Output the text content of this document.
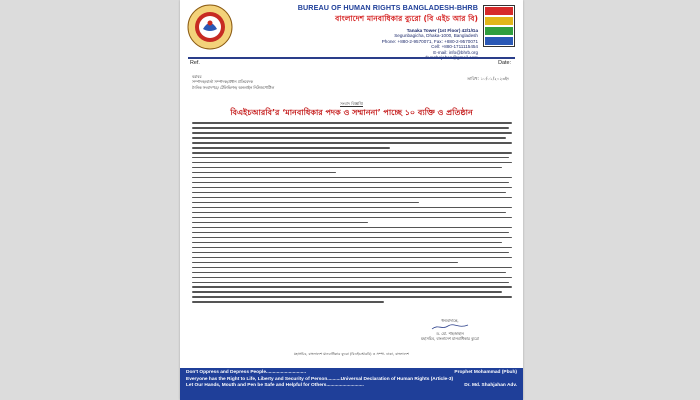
BUREAU OF HUMAN RIGHTS BANGLADESH-BHRB
বাংলাদেশ মানবাধিকার ব্যুরো (বি এইচ আর বি)
Tanaka Tower (1st Floor) 42/1/Ga
Segunbagicha, Dhaka-1000, Bangladesh
Phone: +880-2-9570071, Fax: +880-2-9570071
Cell: +880-1711115454
E-mail: info@bhrb.org
Ref.	Date:
বরাবর
সম্পাদক/বার্তা সম্পাদক/প্রধান প্রতিবেদক
দৈনিক সংবাদপত্র/ টেলিভিশন/ অনলাইন নিউজপোর্টাল
তারিখ: ১০/০১/২০২৩ইং
সংবাদ বিজ্ঞপ্তি
বিএইচআরবি’র ‘মানবাধিকার পদক ও সম্মাননা’ পাচ্ছে ১০ ব্যক্তি ও প্রতিষ্ঠান
ধন্যবাদান্তে,
ড. মো. শাহজাহান
মহাসচিব, বাংলাদেশ মানবাধিকার ব্যুরো
মহাসচিব, বাংলাদেশ মানবাধিকার ব্যুরো (বিএইচআরবি) ও সম্পা. ঢাকা, বাংলাদেশ
Don't Oppress and Depress People..............................	Prophet Mohammad (Pbuh)
Everyone has the Right to Life, Liberty and Security of Person..........Universal Declaration of Human Rights (Article-3)
Let Our Hands, Mouth and Pen be Safe and Helpful for Others............................	Dr. Md. Shahjahan Adv.
